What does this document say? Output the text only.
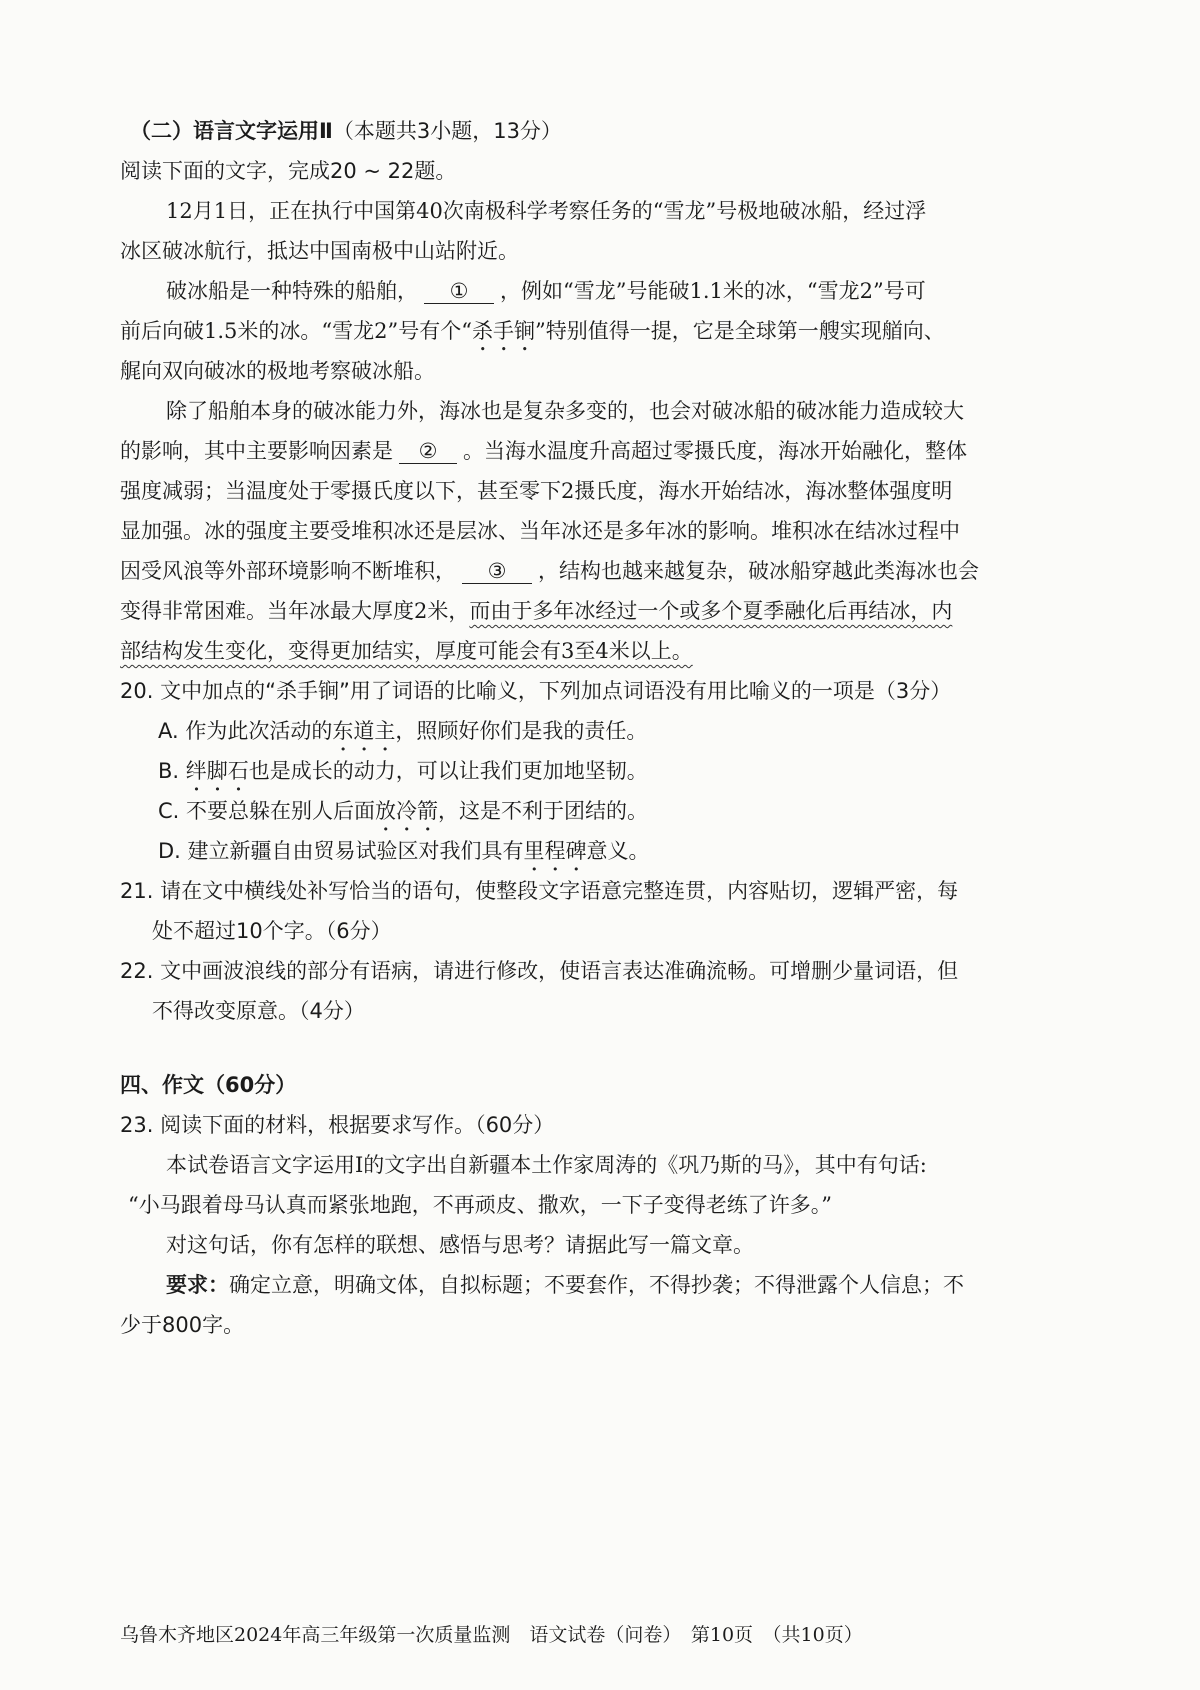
（二）语言文字运用Ⅱ（本题共3小题，13分）
阅读下面的文字，完成20 ~ 22题。
12月1日，正在执行中国第40次南极科学考察任务的“雪龙”号极地破冰船，经过浮
冰区破冰航行，抵达中国南极中山站附近。
破冰船是一种特殊的船舶， ① ，例如“雪龙”号能破1.1米的冰，“雪龙2”号可
前后向破1.5米的冰。“雪龙2”号有个“杀手锏”特别值得一提，它是全球第一艘实现艏向、
艉向双向破冰的极地考察破冰船。
除了船舶本身的破冰能力外，海冰也是复杂多变的，也会对破冰船的破冰能力造成较大
的影响，其中主要影响因素是 ② 。当海水温度升高超过零摄氏度，海冰开始融化，整体
强度减弱；当温度处于零摄氏度以下，甚至零下2摄氏度，海水开始结冰，海冰整体强度明
显加强。冰的强度主要受堆积冰还是层冰、当年冰还是多年冰的影响。堆积冰在结冰过程中
因受风浪等外部环境影响不断堆积， ③ ，结构也越来越复杂，破冰船穿越此类海冰也会
变得非常困难。当年冰最大厚度2米，而由于多年冰经过一个或多个夏季融化后再结冰，内
部结构发生变化，变得更加结实，厚度可能会有3至4米以上。
20. 文中加点的“杀手锏”用了词语的比喻义，下列加点词语没有用比喻义的一项是（3分）
A. 作为此次活动的东道主，照顾好你们是我的责任。
B. 绊脚石也是成长的动力，可以让我们更加地坚韧。
C. 不要总躲在别人后面放冷箭，这是不利于团结的。
D. 建立新疆自由贸易试验区对我们具有里程碑意义。
21. 请在文中横线处补写恰当的语句，使整段文字语意完整连贯，内容贴切，逻辑严密，每
处不超过10个字。（6分）
22. 文中画波浪线的部分有语病，请进行修改，使语言表达准确流畅。可增删少量词语，但
不得改变原意。（4分）
四、作文（60分）
23. 阅读下面的材料，根据要求写作。（60分）
本试卷语言文字运用Ⅰ的文字出自新疆本土作家周涛的《巩乃斯的马》，其中有句话:
“小马跟着母马认真而紧张地跑，不再顽皮、撒欢，一下子变得老练了许多。”
对这句话，你有怎样的联想、感悟与思考？请据此写一篇文章。
要求：确定立意，明确文体，自拟标题；不要套作，不得抄袭；不得泄露个人信息；不
少于800字。
乌鲁木齐地区2024年高三年级第一次质量监测　语文试卷（问卷）　第10页　（共10页）
